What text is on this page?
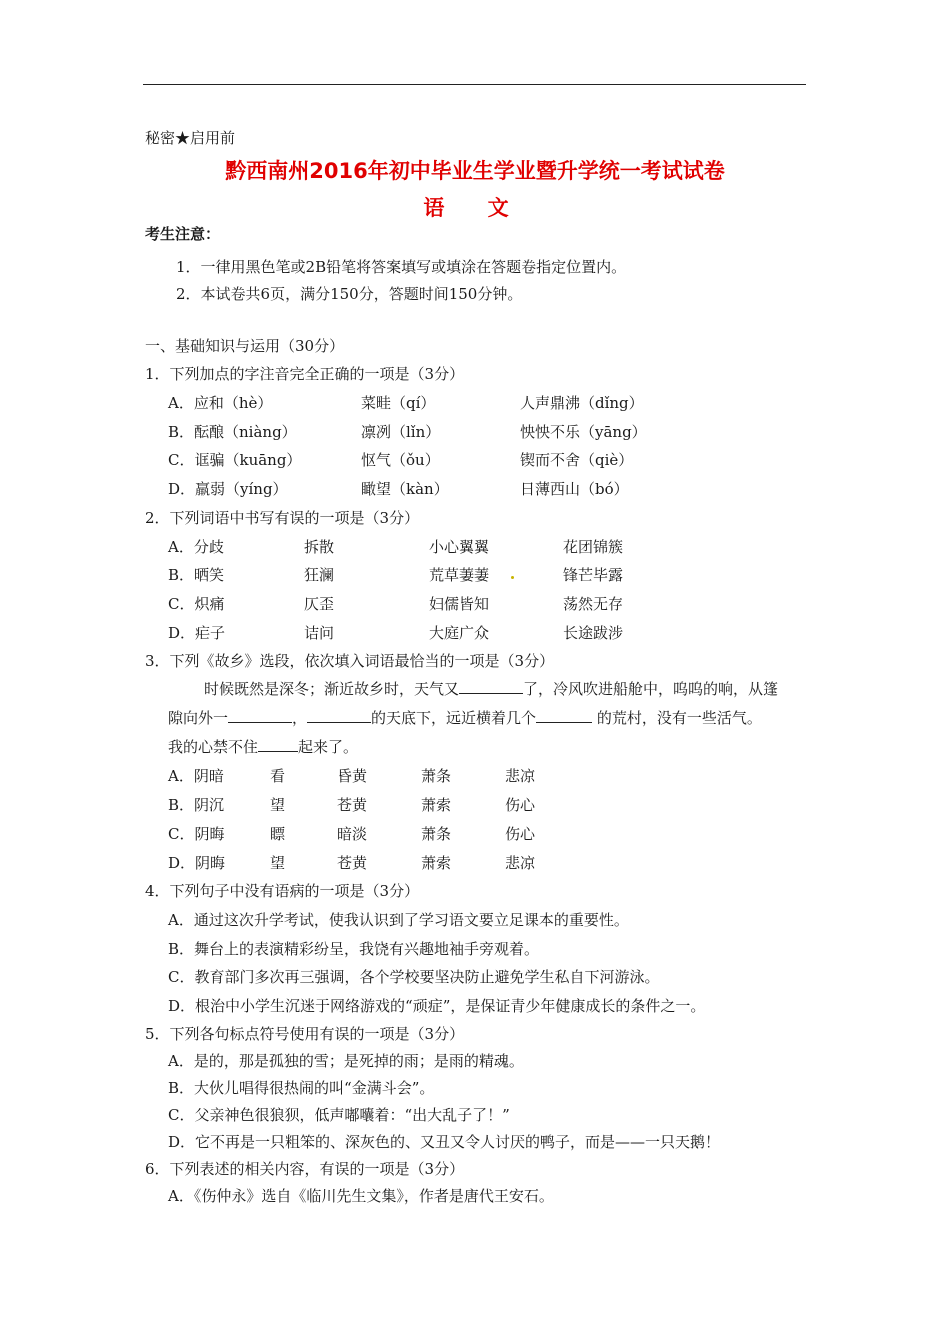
秘密★启用前
黔西南州2016年初中毕业生学业暨升学统一考试试卷
语 文
考生注意：
1．一律用黑色笔或2B铅笔将答案填写或填涂在答题卷指定位置内。
2．本试卷共6页，满分150分，答题时间150分钟。
一、基础知识与运用（30分）
1．下列加点的字注音完全正确的一项是（3分）
A．应和（hè）	菜畦（qí）	人声鼎沸（dǐng）
B．酝酿（niàng）	凛冽（lǐn）	怏怏不乐（yāng）
C．诓骗（kuāng）	怄气（ǒu）	锲而不舍（qiè）
D．羸弱（yíng）	瞰望（kàn）	日薄西山（bó）
2．下列词语中书写有误的一项是（3分）
A．分歧	拆散	小心翼翼	花团锦簇
B．晒笑	狂澜	荒草萋萋	锋芒毕露
C．炽痛	仄歪	妇儒皆知	荡然无存
D．疟子	诘问	大庭广众	长途跋涉
3．下列《故乡》选段，依次填入词语最恰当的一项是（3分）
时候既然是深冬；渐近故乡时，天气又	了，冷风吹进船舱中，呜呜的响，从篷
隙向外一	，	的天底下，远近横着几个	的荒村，没有一些活气。
我的心禁不住	起来了。
A．阴暗	看	昏黄	萧条	悲凉
B．阴沉	望	苍黄	萧索	伤心
C．阴晦	瞟	暗淡	萧条	伤心
D．阴晦	望	苍黄	萧索	悲凉
4．下列句子中没有语病的一项是（3分）
A．通过这次升学考试，使我认识到了学习语文要立足课本的重要性。
B．舞台上的表演精彩纷呈，我饶有兴趣地袖手旁观着。
C．教育部门多次再三强调，各个学校要坚决防止避免学生私自下河游泳。
D．根治中小学生沉迷于网络游戏的“顽症”，是保证青少年健康成长的条件之一。
5．下列各句标点符号使用有误的一项是（3分）
A．是的，那是孤独的雪；是死掉的雨；是雨的精魂。
B．大伙儿唱得很热闹的叫“金满斗会”。
C．父亲神色很狼狈，低声嘟囔着：“出大乱子了！”
D．它不再是一只粗笨的、深灰色的、又丑又令人讨厌的鸭子，而是——一只天鹅！
6．下列表述的相关内容，有误的一项是（3分）
A．《伤仲永》选自《临川先生文集》，作者是唐代王安石。
